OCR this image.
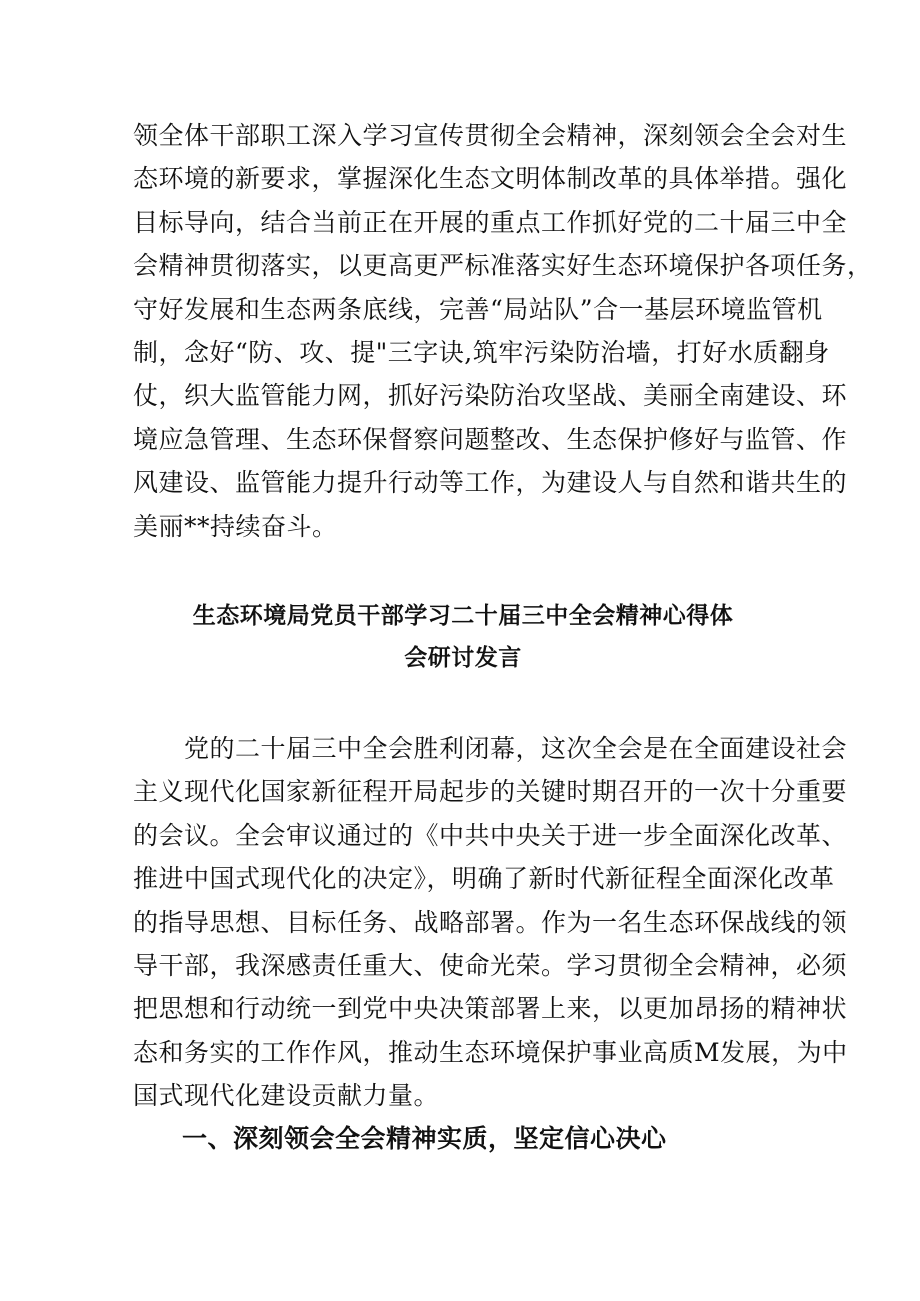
领全体干部职工深入学习宣传贯彻全会精神，深刻领会全会对生
态环境的新要求，掌握深化生态文明体制改革的具体举措。强化
目标导向，结合当前正在开展的重点工作抓好党的二十届三中全
会精神贯彻落实，以更高更严标准落实好生态环境保护各项任务，
守好发展和生态两条底线，完善“局站队”合一基层环境监管机
制，念好“防、攻、提"三字诀,筑牢污染防治墙，打好水质翻身
仗，织大监管能力网，抓好污染防治攻坚战、美丽全南建设、环
境应急管理、生态环保督察问题整改、生态保护修好与监管、作
风建设、监管能力提升行动等工作，为建设人与自然和谐共生的
美丽**持续奋斗。
生态环境局党员干部学习二十届三中全会精神心得体
会研讨发言
　　党的二十届三中全会胜利闭幕，这次全会是在全面建设社会
主义现代化国家新征程开局起步的关键时期召开的一次十分重要
的会议。全会审议通过的《中共中央关于进一步全面深化改革、
推进中国式现代化的决定》，明确了新时代新征程全面深化改革
的指导思想、目标任务、战略部署。作为一名生态环保战线的领
导干部，我深感责任重大、使命光荣。学习贯彻全会精神，必须
把思想和行动统一到党中央决策部署上来，以更加昂扬的精神状
态和务实的工作作风，推动生态环境保护事业高质M发展，为中
国式现代化建设贡献力量。
一、深刻领会全会精神实质，坚定信心决心
